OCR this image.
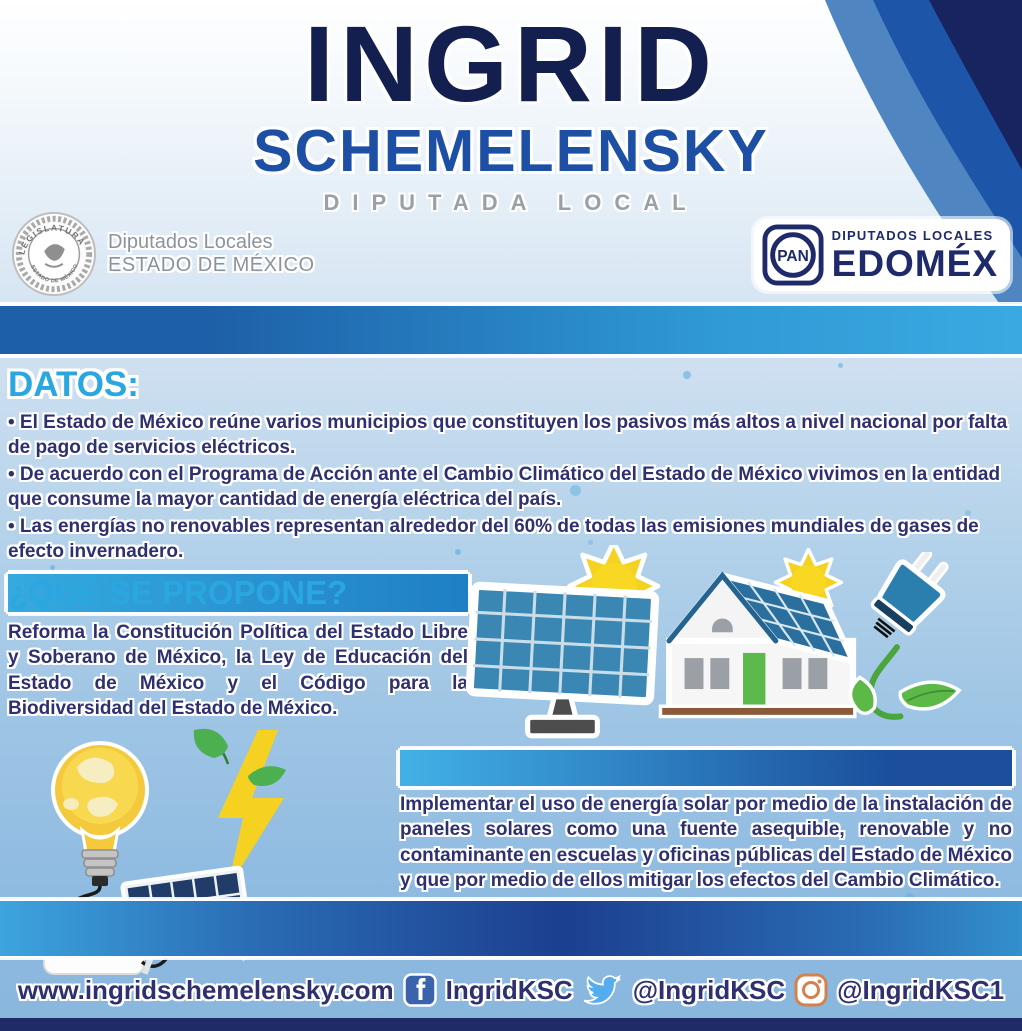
INGRID
SCHEMELENSKY
DIPUTADA LOCAL
LEGISLATURA
ESTADO DE MÉXICO
Diputados Locales
ESTADO DE MÉXICO	PAN
DIPUTADOS LOCALES
EDOMÉX
DATOS:
• El Estado de México reúne varios municipios que constituyen los pasivos más altos a nivel nacional por falta de pago de servicios eléctricos.
• De acuerdo con el Programa de Acción ante el Cambio Climático del Estado de México vivimos en la entidad que consume la mayor cantidad de energía eléctrica del país.
• Las energías no renovables representan alrededor del 60% de todas las emisiones mundiales de gases de efecto invernadero.
¿QUÉ SE PROPONE?
Reforma la Constitución Política del Estado Libre y Soberano de México, la Ley de Educación del Estado de México y el Código para la Biodiversidad del Estado de México.
Implementar el uso de energía solar por medio de la instalación de paneles solares como una fuente asequible, renovable y no contaminante en escuelas y oficinas públicas del Estado de México y que por medio de ellos mitigar los efectos del Cambio Climático.
www.ingridschemelensky.com IngridKSC @IngridKSC @IngridKSC1
